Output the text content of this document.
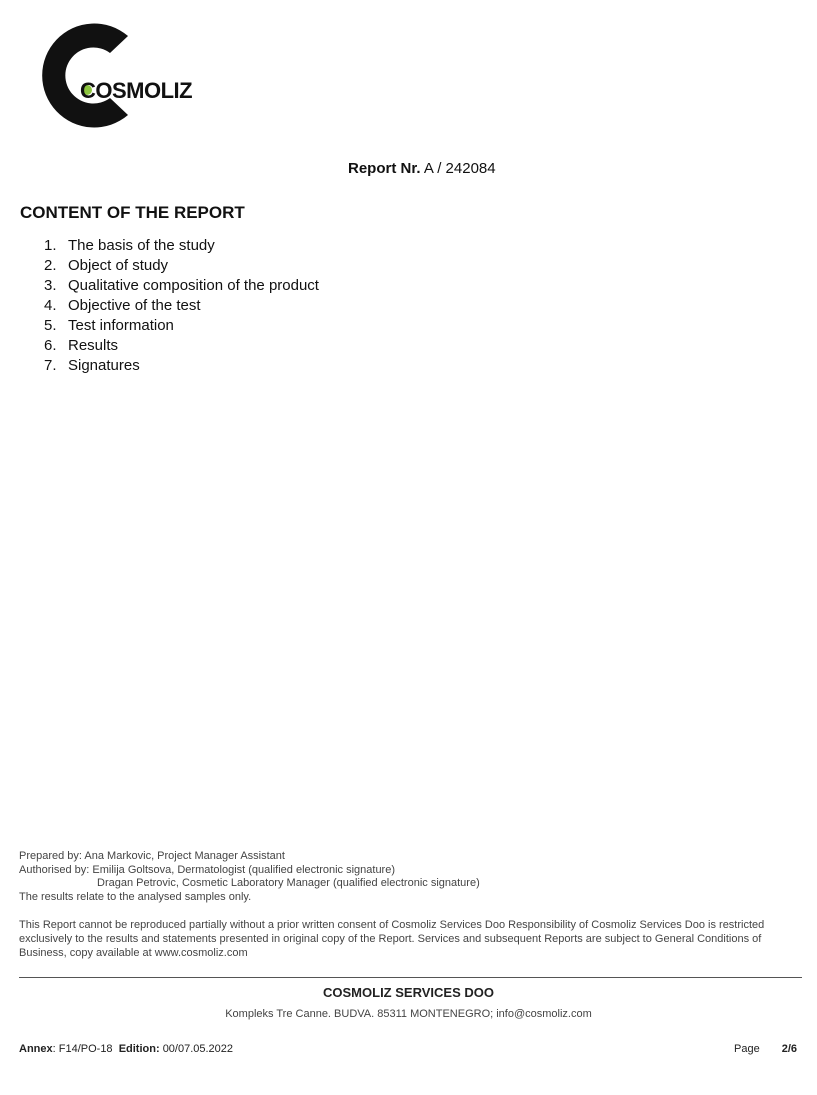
COSMOLIZ
Report Nr. A / 242084
CONTENT OF THE REPORT
1. The basis of the study
2. Object of study
3. Qualitative composition of the product
4. Objective of the test
5. Test information
6. Results
7. Signatures
Prepared by: Ana Markovic, Project Manager Assistant
Authorised by: Emilija Goltsova, Dermatologist (qualified electronic signature)
Dragan Petrovic, Cosmetic Laboratory Manager (qualified electronic signature)
The results relate to the analysed samples only.
This Report cannot be reproduced partially without a prior written consent of Cosmoliz Services Doo Responsibility of Cosmoliz Services Doo is restricted exclusively to the results and statements presented in original copy of the Report. Services and subsequent Reports are subject to General Conditions of Business, copy available at www.cosmoliz.com
COSMOLIZ SERVICES DOO
Kompleks Tre Canne. BUDVA. 85311 MONTENEGRO; info@cosmoliz.com
Annex: F14/PO-18 Edition: 00/07.05.2022	Page 2/6
